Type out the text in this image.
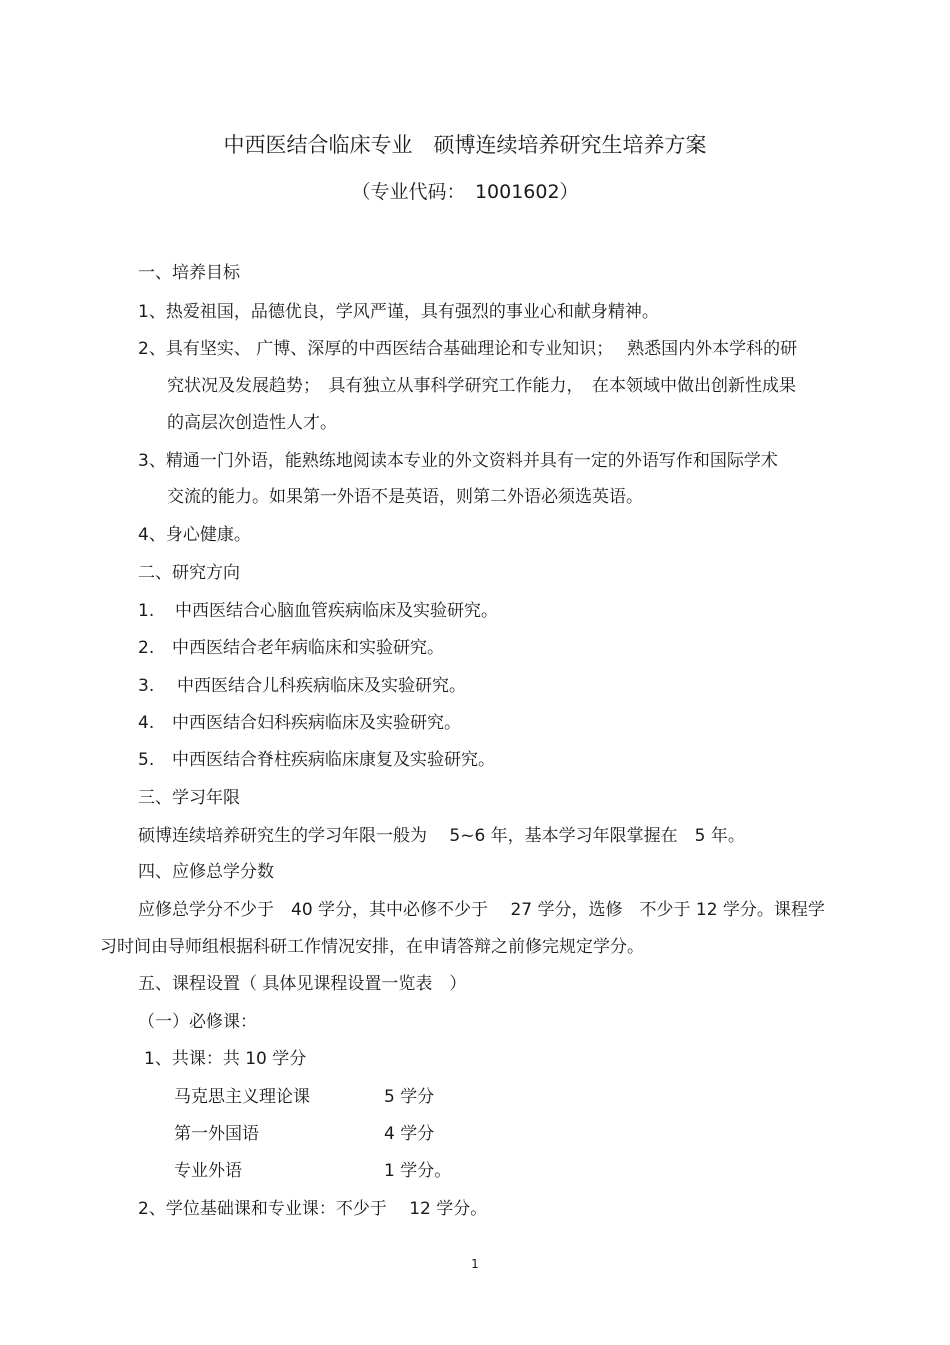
中西医结合临床专业　硕博连续培养研究生培养方案
（专业代码：　1001602）
一、培养目标
1、热爱祖国，品德优良，学风严谨，具有强烈的事业心和献身精神。
2、具有坚实、 广博、深厚的中西医结合基础理论和专业知识；　 熟悉国内外本学科的研
究状况及发展趋势；　具有独立从事科学研究工作能力，　在本领域中做出创新性成果
的高层次创造性人才。
3、精通一门外语，能熟练地阅读本专业的外文资料并具有一定的外语写作和国际学术
交流的能力。如果第一外语不是英语，则第二外语必须选英语。
4、身心健康。
二、研究方向
1. 中西医结合心脑血管疾病临床及实验研究。
2. 中西医结合老年病临床和实验研究。
3. 中西医结合儿科疾病临床及实验研究。
4. 中西医结合妇科疾病临床及实验研究。
5. 中西医结合脊柱疾病临床康复及实验研究。
三、学习年限
硕博连续培养研究生的学习年限一般为　 5~6 年，基本学习年限掌握在　5 年。
四、应修总学分数
应修总学分不少于　40 学分，其中必修不少于　 27 学分，选修　不少于 12 学分。课程学
习时间由导师组根据科研工作情况安排，在申请答辩之前修完规定学分。
五、课程设置（ 具体见课程设置一览表　）
（一）必修课：
1、共课：共 10 学分
马克思主义理论课	5 学分
第一外国语	4 学分
专业外语	1 学分。
2、学位基础课和专业课：不少于　 12 学分。
1
